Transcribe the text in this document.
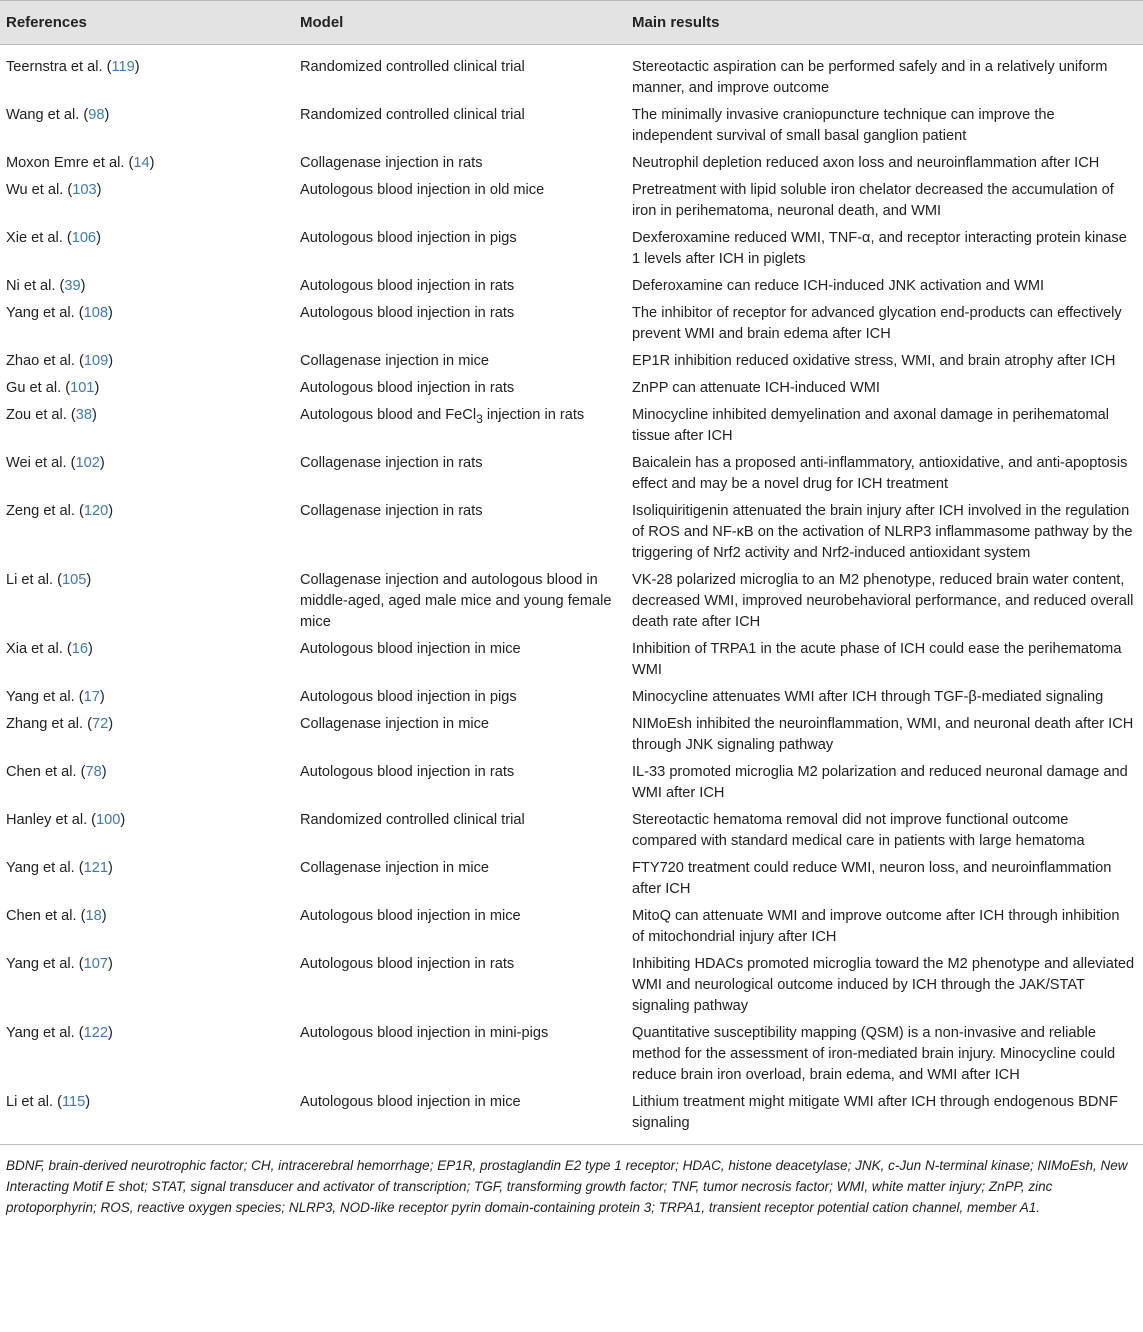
References	Model	Main results
Teernstra et al. (119)	Randomized controlled clinical trial	Stereotactic aspiration can be performed safely and in a relatively uniform manner, and improve outcome
Wang et al. (98)	Randomized controlled clinical trial	The minimally invasive craniopuncture technique can improve the independent survival of small basal ganglion patient
Moxon Emre et al. (14)	Collagenase injection in rats	Neutrophil depletion reduced axon loss and neuroinflammation after ICH
Wu et al. (103)	Autologous blood injection in old mice	Pretreatment with lipid soluble iron chelator decreased the accumulation of iron in perihematoma, neuronal death, and WMI
Xie et al. (106)	Autologous blood injection in pigs	Dexferoxamine reduced WMI, TNF-α, and receptor interacting protein kinase 1 levels after ICH in piglets
Ni et al. (39)	Autologous blood injection in rats	Deferoxamine can reduce ICH-induced JNK activation and WMI
Yang et al. (108)	Autologous blood injection in rats	The inhibitor of receptor for advanced glycation end-products can effectively prevent WMI and brain edema after ICH
Zhao et al. (109)	Collagenase injection in mice	EP1R inhibition reduced oxidative stress, WMI, and brain atrophy after ICH
Gu et al. (101)	Autologous blood injection in rats	ZnPP can attenuate ICH-induced WMI
Zou et al. (38)	Autologous blood and FeCl$_3$ injection in rats	Minocycline inhibited demyelination and axonal damage in perihematomal tissue after ICH
Wei et al. (102)	Collagenase injection in rats	Baicalein has a proposed anti-inflammatory, antioxidative, and anti-apoptosis effect and may be a novel drug for ICH treatment
Zeng et al. (120)	Collagenase injection in rats	Isoliquiritigenin attenuated the brain injury after ICH involved in the regulation of ROS and NF-κB on the activation of NLRP3 inflammasome pathway by the triggering of Nrf2 activity and Nrf2-induced antioxidant system
Li et al. (105)	Collagenase injection and autologous blood in middle-aged, aged male mice and young female mice	VK-28 polarized microglia to an M2 phenotype, reduced brain water content, decreased WMI, improved neurobehavioral performance, and reduced overall death rate after ICH
Xia et al. (16)	Autologous blood injection in mice	Inhibition of TRPA1 in the acute phase of ICH could ease the perihematoma WMI
Yang et al. (17)	Autologous blood injection in pigs	Minocycline attenuates WMI after ICH through TGF-β-mediated signaling
Zhang et al. (72)	Collagenase injection in mice	NIMoEsh inhibited the neuroinflammation, WMI, and neuronal death after ICH through JNK signaling pathway
Chen et al. (78)	Autologous blood injection in rats	IL-33 promoted microglia M2 polarization and reduced neuronal damage and WMI after ICH
Hanley et al. (100)	Randomized controlled clinical trial	Stereotactic hematoma removal did not improve functional outcome compared with standard medical care in patients with large hematoma
Yang et al. (121)	Collagenase injection in mice	FTY720 treatment could reduce WMI, neuron loss, and neuroinflammation after ICH
Chen et al. (18)	Autologous blood injection in mice	MitoQ can attenuate WMI and improve outcome after ICH through inhibition of mitochondrial injury after ICH
Yang et al. (107)	Autologous blood injection in rats	Inhibiting HDACs promoted microglia toward the M2 phenotype and alleviated WMI and neurological outcome induced by ICH through the JAK/STAT signaling pathway
Yang et al. (122)	Autologous blood injection in mini-pigs	Quantitative susceptibility mapping (QSM) is a non-invasive and reliable method for the assessment of iron-mediated brain injury. Minocycline could reduce brain iron overload, brain edema, and WMI after ICH
Li et al. (115)	Autologous blood injection in mice	Lithium treatment might mitigate WMI after ICH through endogenous BDNF signaling
BDNF, brain-derived neurotrophic factor; CH, intracerebral hemorrhage; EP1R, prostaglandin E2 type 1 receptor; HDAC, histone deacetylase; JNK, c-Jun N-terminal kinase; NIMoEsh, New Interacting Motif E shot; STAT, signal transducer and activator of transcription; TGF, transforming growth factor; TNF, tumor necrosis factor; WMI, white matter injury; ZnPP, zinc protoporphyrin; ROS, reactive oxygen species; NLRP3, NOD-like receptor pyrin domain-containing protein 3; TRPA1, transient receptor potential cation channel, member A1.
